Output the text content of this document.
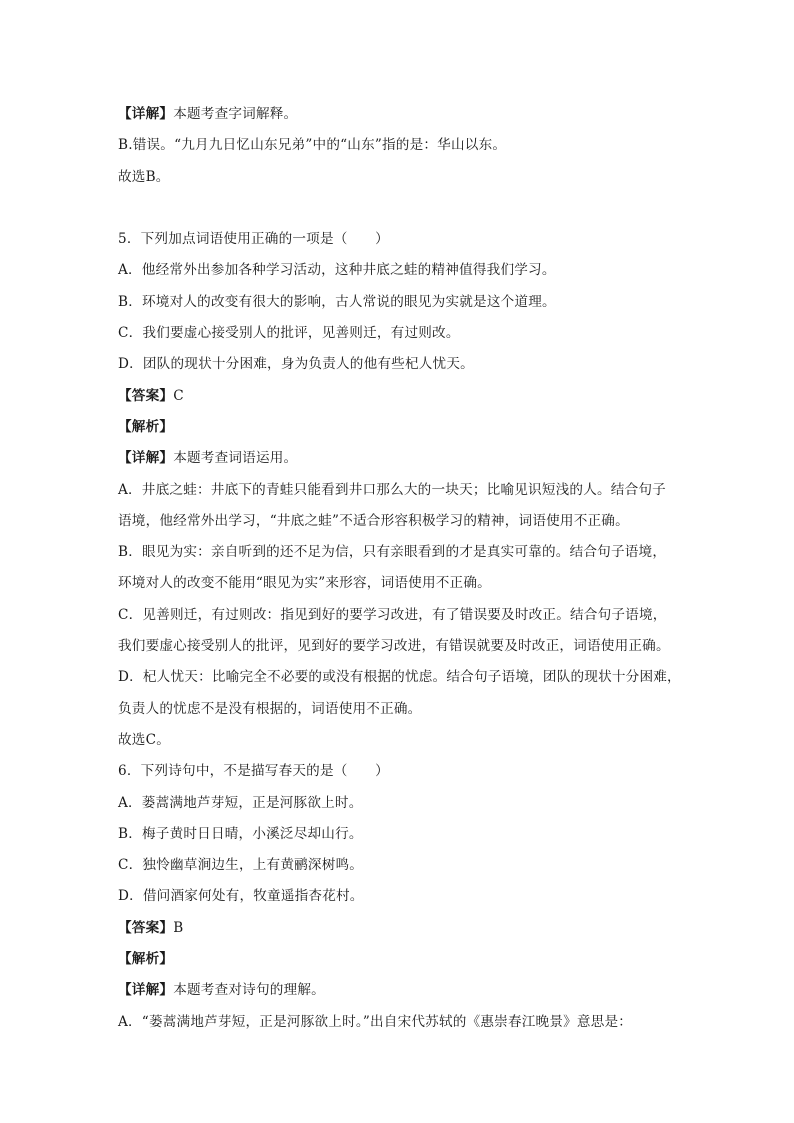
【详解】本题考查字词解释。
B.错误。“九月九日忆山东兄弟”中的“山东”指的是：华山以东。
故选B。
5．下列加点词语使用正确的一项是（　　）
A．他经常外出参加各种学习活动，这种井底之蛙的精神值得我们学习。
B．环境对人的改变有很大的影响，古人常说的眼见为实就是这个道理。
C．我们要虚心接受别人的批评，见善则迁，有过则改。
D．团队的现状十分困难，身为负责人的他有些杞人忧天。
【答案】C
【解析】
【详解】本题考查词语运用。
A．井底之蛙：井底下的青蛙只能看到井口那么大的一块天；比喻见识短浅的人。结合句子
语境，他经常外出学习，“井底之蛙”不适合形容积极学习的精神，词语使用不正确。
B．眼见为实：亲自听到的还不足为信，只有亲眼看到的才是真实可靠的。结合句子语境，
环境对人的改变不能用“眼见为实”来形容，词语使用不正确。
C．见善则迁，有过则改：指见到好的要学习改进，有了错误要及时改正。结合句子语境，
我们要虚心接受别人的批评，见到好的要学习改进，有错误就要及时改正，词语使用正确。
D．杞人忧天：比喻完全不必要的或没有根据的忧虑。结合句子语境，团队的现状十分困难，
负责人的忧虑不是没有根据的，词语使用不正确。
故选C。
6．下列诗句中，不是描写春天的是（　　）
A．蒌蒿满地芦芽短，正是河豚欲上时。
B．梅子黄时日日晴，小溪泛尽却山行。
C．独怜幽草涧边生，上有黄鹂深树鸣。
D．借问酒家何处有，牧童遥指杏花村。
【答案】B
【解析】
【详解】本题考查对诗句的理解。
A．“蒌蒿满地芦芽短，正是河豚欲上时。”出自宋代苏轼的《惠崇春江晚景》意思是：
